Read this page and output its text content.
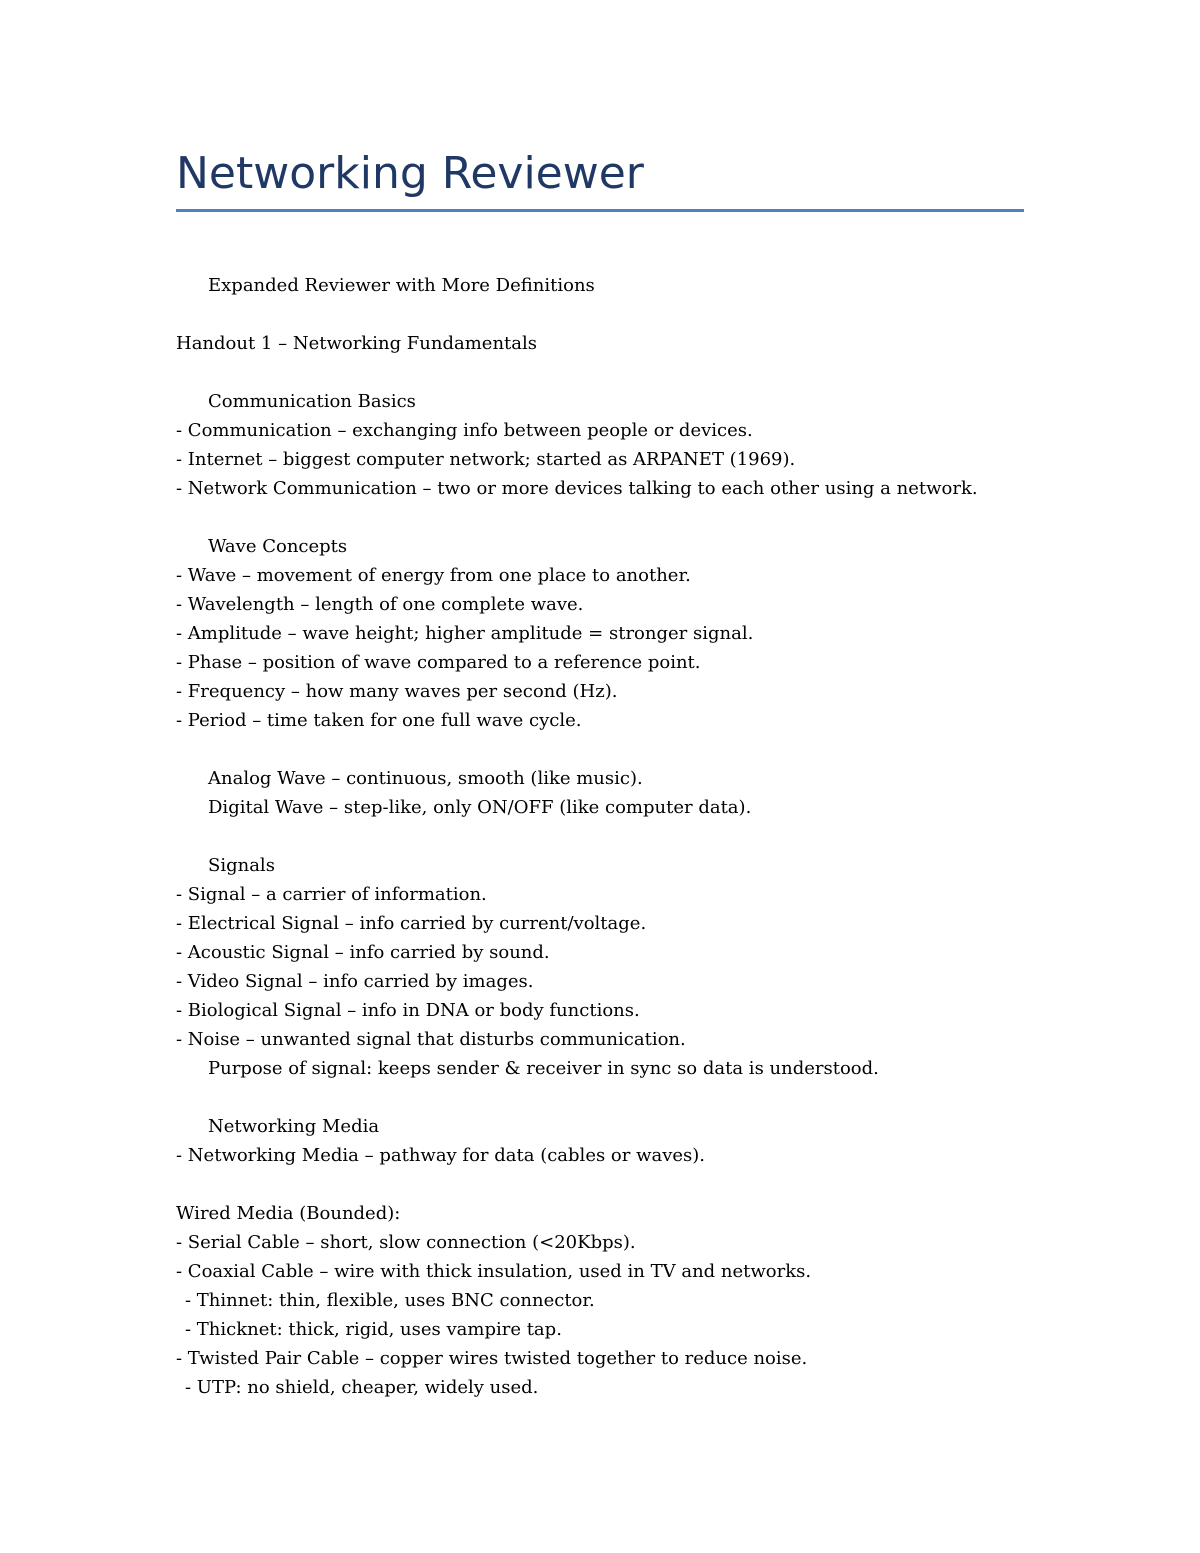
Networking Reviewer
Expanded Reviewer with More Definitions
Handout 1 – Networking Fundamentals
Communication Basics
- Communication – exchanging info between people or devices.
- Internet – biggest computer network; started as ARPANET (1969).
- Network Communication – two or more devices talking to each other using a network.
Wave Concepts
- Wave – movement of energy from one place to another.
- Wavelength – length of one complete wave.
- Amplitude – wave height; higher amplitude = stronger signal.
- Phase – position of wave compared to a reference point.
- Frequency – how many waves per second (Hz).
- Period – time taken for one full wave cycle.
Analog Wave – continuous, smooth (like music).
Digital Wave – step-like, only ON/OFF (like computer data).
Signals
- Signal – a carrier of information.
- Electrical Signal – info carried by current/voltage.
- Acoustic Signal – info carried by sound.
- Video Signal – info carried by images.
- Biological Signal – info in DNA or body functions.
- Noise – unwanted signal that disturbs communication.
Purpose of signal: keeps sender & receiver in sync so data is understood.
Networking Media
- Networking Media – pathway for data (cables or waves).
Wired Media (Bounded):
- Serial Cable – short, slow connection (<20Kbps).
- Coaxial Cable – wire with thick insulation, used in TV and networks.
- Thinnet: thin, flexible, uses BNC connector.
- Thicknet: thick, rigid, uses vampire tap.
- Twisted Pair Cable – copper wires twisted together to reduce noise.
- UTP: no shield, cheaper, widely used.
